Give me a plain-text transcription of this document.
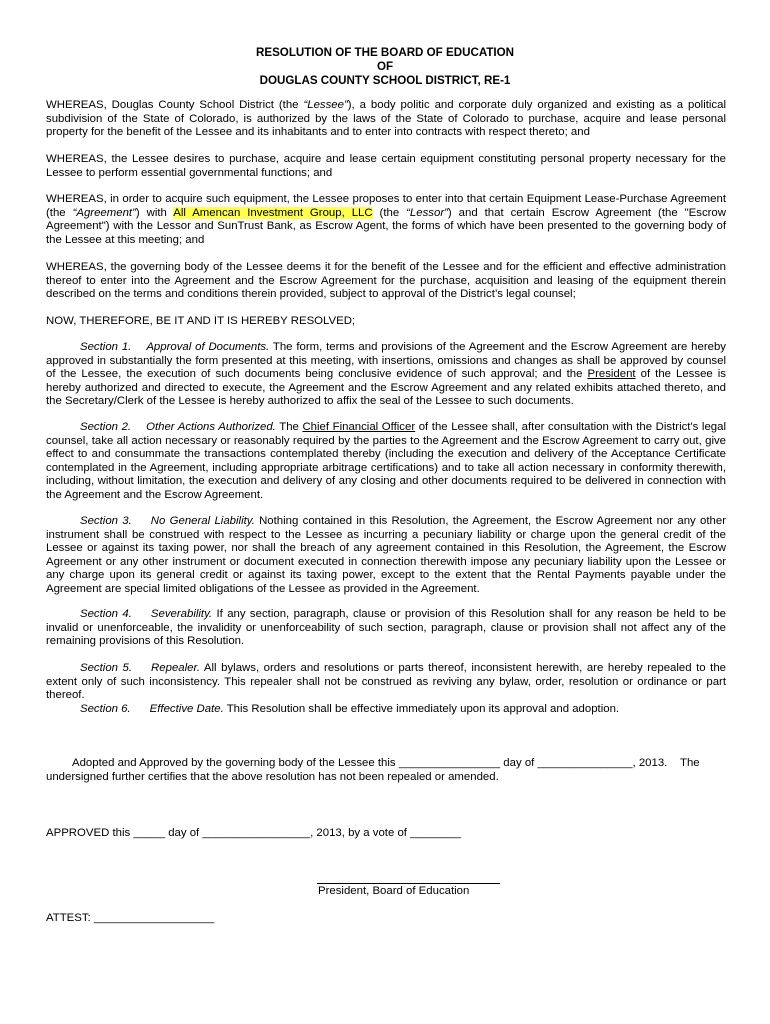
RESOLUTION OF THE BOARD OF EDUCATION
OF
DOUGLAS COUNTY SCHOOL DISTRICT, RE-1

WHEREAS, Douglas County School District (the “Lessee”), a body politic and corporate duly organized and existing as a political subdivision of the State of Colorado, is authorized by the laws of the State of Colorado to purchase, acquire and lease personal property for the benefit of the Lessee and its inhabitants and to enter into contracts with respect thereto; and

WHEREAS, the Lessee desires to purchase, acquire and lease certain equipment constituting personal property necessary for the Lessee to perform essential governmental functions; and

WHEREAS, in order to acquire such equipment, the Lessee proposes to enter into that certain Equipment Lease-Purchase Agreement (the “Agreement”) with All Amencan Investment Group, LLC (the “Lessor”) and that certain Escrow Agreement (the "Escrow Agreement") with the Lessor and SunTrust Bank, as Escrow Agent, the forms of which have been presented to the governing body of the Lessee at this meeting; and

WHEREAS, the governing body of the Lessee deems it for the benefit of the Lessee and for the efficient and effective administration thereof to enter into the Agreement and the Escrow Agreement for the purchase, acquisition and leasing of the equipment therein described on the terms and conditions therein provided, subject to approval of the District’s legal counsel;

NOW, THEREFORE, BE IT AND IT IS HEREBY RESOLVED;

Section 1. Approval of Documents. The form, terms and provisions of the Agreement and the Escrow Agreement are hereby approved in substantially the form presented at this meeting, with insertions, omissions and changes as shall be approved by counsel of the Lessee, the execution of such documents being conclusive evidence of such approval; and the President of the Lessee is hereby authorized and directed to execute, the Agreement and the Escrow Agreement and any related exhibits attached thereto, and the Secretary/Clerk of the Lessee is hereby authorized to affix the seal of the Lessee to such documents.

Section 2. Other Actions Authorized. The Chief Financial Officer of the Lessee shall, after consultation with the District's legal counsel, take all action necessary or reasonably required by the parties to the Agreement and the Escrow Agreement to carry out, give effect to and consummate the transactions contemplated thereby (including the execution and delivery of the Acceptance Certificate contemplated in the Agreement, including appropriate arbitrage certifications) and to take all action necessary in conformity therewith, including, without limitation, the execution and delivery of any closing and other documents required to be delivered in connection with the Agreement and the Escrow Agreement.

Section 3. No General Liability. Nothing contained in this Resolution, the Agreement, the Escrow Agreement nor any other instrument shall be construed with respect to the Lessee as incurring a pecuniary liability or charge upon the general credit of the Lessee or against its taxing power, nor shall the breach of any agreement contained in this Resolution, the Agreement, the Escrow Agreement or any other instrument or document executed in connection therewith impose any pecuniary liability upon the Lessee or any charge upon its general credit or against its taxing power, except to the extent that the Rental Payments payable under the Agreement are special limited obligations of the Lessee as provided in the Agreement.

Section 4. Severability. If any section, paragraph, clause or provision of this Resolution shall for any reason be held to be invalid or unenforceable, the invalidity or unenforceability of such section, paragraph, clause or provision shall not affect any of the remaining provisions of this Resolution.

Section 5. Repealer. All bylaws, orders and resolutions or parts thereof, inconsistent herewith, are hereby repealed to the extent only of such inconsistency. This repealer shall not be construed as reviving any bylaw, order, resolution or ordinance or part thereof.

Section 6. Effective Date. This Resolution shall be effective immediately upon its approval and adoption.

Adopted and Approved by the governing body of the Lessee this ________________ day of _______________, 2013. The

undersigned further certifies that the above resolution has not been repealed or amended.

APPROVED this _____ day of _________________, 2013, by a vote of ________

President, Board of Education

ATTEST: ___________________
